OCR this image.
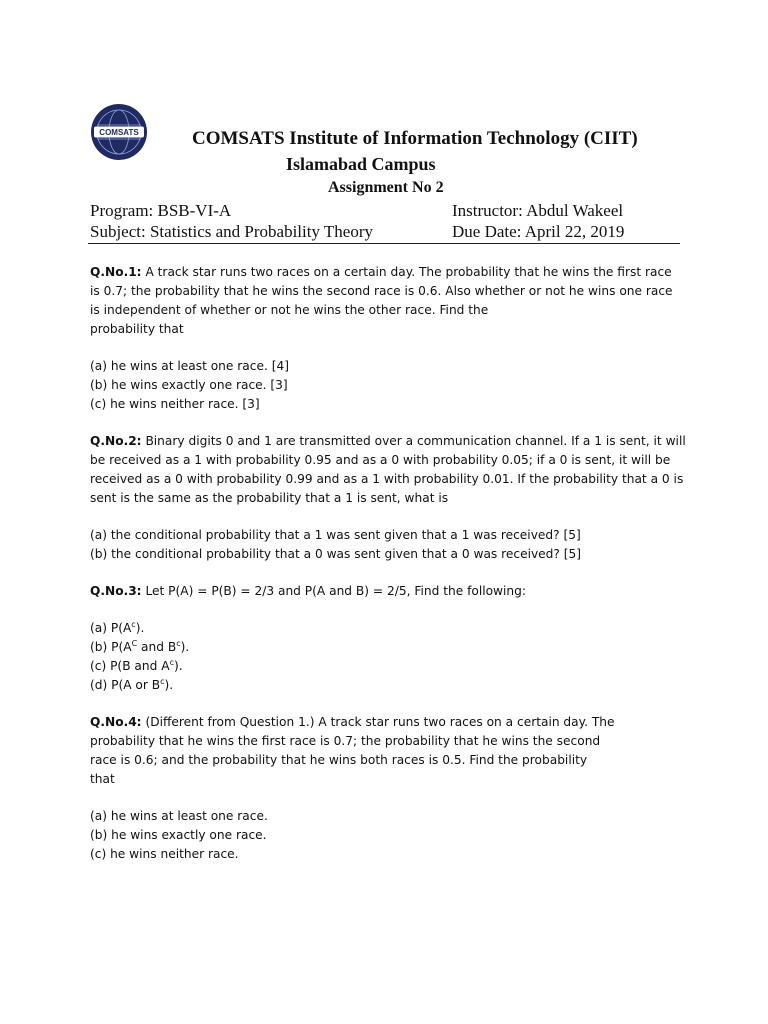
COMSATS	COMSATS Institute of Information Technology (CIIT)
Islamabad Campus
Assignment No 2
Program: BSB-VI-A	Instructor: Abdul Wakeel
Subject: Statistics and Probability Theory	Due Date: April 22, 2019
Q.No.1: A track star runs two races on a certain day. The probability that he wins the first race
is 0.7; the probability that he wins the second race is 0.6. Also whether or not he wins one race
is independent of whether or not he wins the other race. Find the
probability that
(a) he wins at least one race. [4]
(b) he wins exactly one race. [3]
(c) he wins neither race. [3]
Q.No.2: Binary digits 0 and 1 are transmitted over a communication channel. If a 1 is sent, it will
be received as a 1 with probability 0.95 and as a 0 with probability 0.05; if a 0 is sent, it will be
received as a 0 with probability 0.99 and as a 1 with probability 0.01. If the probability that a 0 is
sent is the same as the probability that a 1 is sent, what is
(a) the conditional probability that a 1 was sent given that a 1 was received? [5]
(b) the conditional probability that a 0 was sent given that a 0 was received? [5]
Q.No.3: Let P(A) = P(B) = 2/3 and P(A and B) = 2/5, Find the following:
(a) $P(A^c)$.
(b) $P(A^C$ and $B^c$).
(c) P(B and $A^c$).
(d) P(A or $B^c$).
Q.No.4: (Different from Question 1.) A track star runs two races on a certain day. The
probability that he wins the first race is 0.7; the probability that he wins the second
race is 0.6; and the probability that he wins both races is 0.5. Find the probability
that
(a) he wins at least one race.
(b) he wins exactly one race.
(c) he wins neither race.
